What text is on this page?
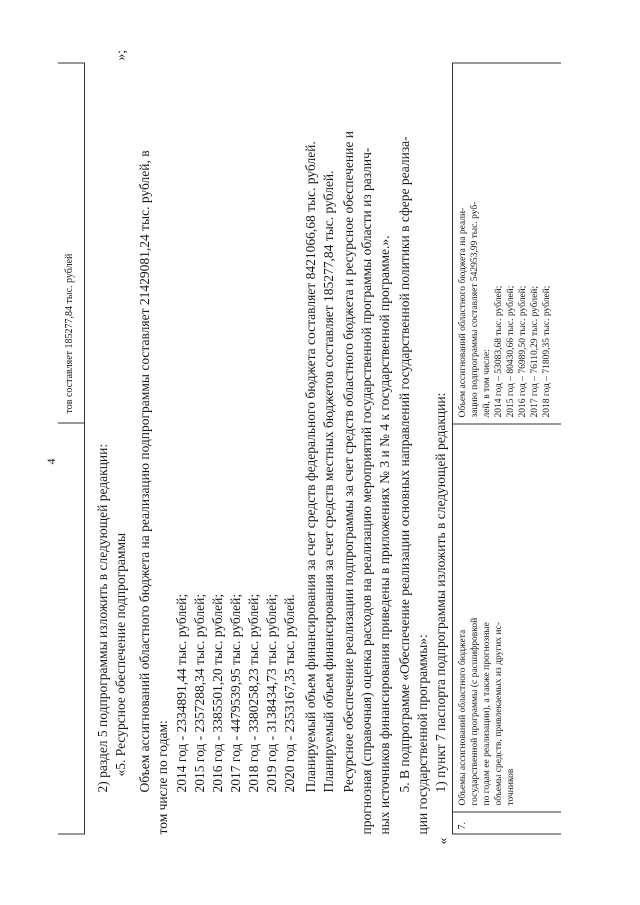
4
тов составляет 185277,84 тыс. рублей
2) раздел 5 подпрограммы изложить в следующей редакции: «5. Ресурсное обеспечение подпрограммы
»;
Объем ассигнований областного бюджета на реализацию подпрограммы составляет 21429081,24 тыс. рублей, в том числе по годам: 2014 год - 2334891,44 тыс. рублей; 2015 год - 2357288,34 тыс. рублей; 2016 год - 3385501,20 тыс. рублей; 2017 год - 4479539,95 тыс. рублей; 2018 год - 3380258,23 тыс. рублей; 2019 год - 3138434,73 тыс. рублей; 2020 год - 2353167,35 тыс. рублей. Планируемый объем финансирования за счет средств федерального бюджета составляет 8421066,68 тыс. рублей. Планируемый объем финансирования за счет средств местных бюджетов составляет 185277,84 тыс. рублей. Ресурсное обеспечение реализации подпрограммы за счет средств областного бюджета и ресурсное обеспечение и прогнозная (справочная) оценка расходов на реализацию мероприятий государственной программы области из различ- ных источников финансирования приведены в приложениях № 3 и № 4 к государственной программе.». 5. В подпрограмме «Обеспечение реализации основных направлений государственной политики в сфере реализа- ции государственной программы»: 1) пункт 7 паспорта подпрограммы изложить в следующей редакции:
«
7.
Объемы ассигнований областного бюджета государственной программы (с расшифровкой по годам ее реализации), а также прогнозные объемы средств, привлекаемых из других ис- точников
Объем ассигнований областного бюджета на реали- зацию подпрограммы составляет 542953,99 тыс. руб- лей, в том числе: 2014 год – 53083,68 тыс. рублей; 2015 год – 80430,66 тыс. рублей; 2016 год – 76989,50 тыс. рублей; 2017 год – 76110,29 тыс. рублей; 2018 год – 71809,35 тыс. рублей;
